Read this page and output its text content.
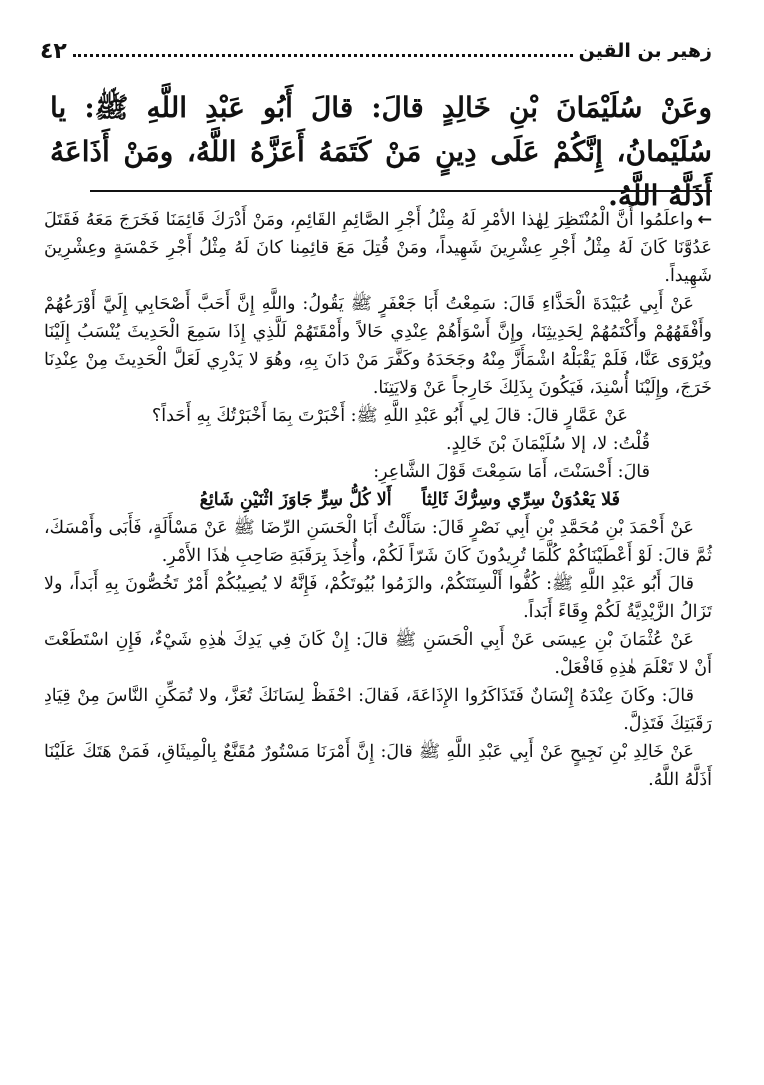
زهير بن القين
٤٢
وعَنْ سُلَيْمَانَ بْنِ خَالِدٍ قالَ: قالَ أَبُو عَبْدِ اللَّهِ ﷺ: يا سُلَيْمانُ، إِنَّكُمْ عَلَى دِينٍ مَنْ كَتَمَهُ أَعَزَّهُ اللَّهُ، ومَنْ أَذَاعَهُ أَذَلَّهُ اللَّهُ.

←واعلَمُوا أَنَّ الْمُنْتَظِرَ لِهٰذا الأمْرِ لَهُ مِثْلُ أَجْرِ الصَّائِمِ القَائِمِ، ومَنْ أَدْرَكَ قَائِمَنَا فَخَرَجَ مَعَهُ فَقَتَلَ عَدُوَّنَا كَانَ لَهُ مِثْلُ أَجْرِ عِشْرِينَ شَهِيداً، ومَنْ قُتِلَ مَعَ قائِمِنا كانَ لَهُ مِثْلُ أَجْرِ خَمْسَةٍ وعِشْرِينَ شَهِيداً.

عَنْ أَبِي عُبَيْدَةَ الْحَذَّاءِ قَالَ: سَمِعْتُ أَبَا جَعْفَرٍ ﷺ يَقُولُ: واللَّهِ إِنَّ أَحَبَّ أَصْحَابِي إِلَيَّ أَوْرَعُهُمْ وأَفْقَهُهُمْ وأَكْتَمُهُمْ لِحَدِيثِنَا، وإِنَّ أَسْوَأَهُمْ عِنْدِي حَالاً وأَمْقَتَهُمْ لَلَّذِي إِذَا سَمِعَ الْحَدِيثَ يُنْسَبُ إِلَيْنَا ويُرْوَى عَنَّا، فَلَمْ يَقْبَلْهُ اشْمَأَزَّ مِنْهُ وجَحَدَهُ وكَفَّرَ مَنْ دَانَ بِهِ، وهُوَ لا يَدْرِي لَعَلَّ الْحَدِيثَ مِنْ عِنْدِنَا خَرَجَ، وإِلَيْنَا أُسْنِدَ، فَيَكُونَ بِذَلِكَ خَارِجاً عَنْ وَلايَتِنَا.

عَنْ عَمَّارٍ قالَ: قالَ لِي أَبُو عَبْدِ اللَّهِ ﷺ: أَخْبَرْتَ بِمَا أَخْبَرْتُكَ بِهِ أَحَداً؟

قُلْتُ: لا، إلا سُلَيْمَانَ بْنَ خَالِدٍ.

قالَ: أَحْسَنْتَ، أَمَا سَمِعْتَ قَوْلَ الشَّاعِرِ:

فَلا يَعْدُوَنْ سِرِّي وسِرُّكَ ثَالِثاً
أَلا كُلُّ سِرٍّ جَاوَزَ اثْنَيْنِ شَائِعُ

عَنْ أَحْمَدَ بْنِ مُحَمَّدِ بْنِ أَبِي نَصْرٍ قَالَ: سَأَلْتُ أَبَا الْحَسَنِ الرِّضَا ﷺ عَنْ مَسْأَلَةٍ، فَأَبَى وأَمْسَكَ، ثُمَّ قالَ: لَوْ أَعْطَيْنَاكُمْ كُلَّمَا تُرِيدُونَ كَانَ شَرّاً لَكُمْ، وأُخِذَ بِرَقَبَةِ صَاحِبِ هٰذَا الأَمْرِ.

قالَ أَبُو عَبْدِ اللَّهِ ﷺ: كُفُّوا أَلْسِنَتَكُمْ، والزَمُوا بُيُوتَكُمْ، فَإِنَّهُ لا يُصِيبُكُمْ أَمْرٌ تَخُصُّونَ بِهِ أَبَداً، ولا تَزَالُ الزَّيْدِيَّةُ لَكُمْ وِقَاءً أَبَداً.

عَنْ عُثْمَانَ بْنِ عِيسَى عَنْ أَبِي الْحَسَنِ ﷺ قالَ: إِنْ كَانَ فِي يَدِكَ هٰذِهِ شَيْءٌ، فَإِنِ اسْتَطَعْتَ أَنْ لا تَعْلَمَ هٰذِهِ فَافْعَلْ.

قالَ: وكَانَ عِنْدَهُ إِنْسَانٌ فَتَذَاكَرُوا الإِذَاعَةَ، فَقالَ: احْفَظْ لِسَانَكَ تُعَزَّ، ولا تُمَكِّنِ النَّاسَ مِنْ قِيَادِ رَقَبَتِكَ فَتَذِلَّ.

عَنْ خَالِدِ بْنِ نَجِيحٍ عَنْ أَبِي عَبْدِ اللَّهِ ﷺ قالَ: إِنَّ أَمْرَنَا مَسْتُورٌ مُقَنَّعٌ بِالْمِيثَاقِ، فَمَنْ هَتَكَ عَلَيْنَا أَذَلَّهُ اللَّهُ.
